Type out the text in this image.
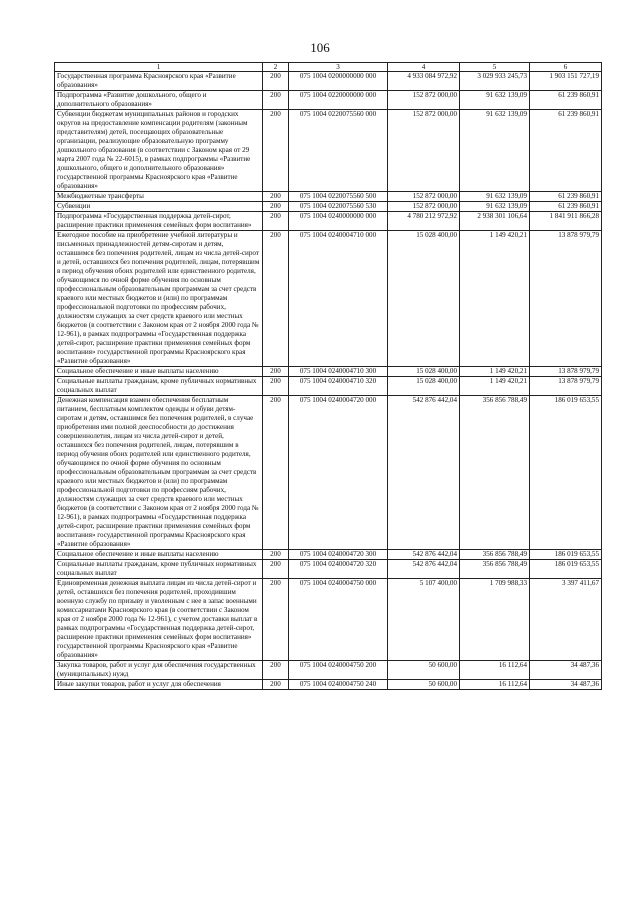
106
1	2	3	4	5	6
Государственная программа Красноярского края «Развитие образования»	200	075 1004 0200000000 000	4 933 084 972,92	3 029 933 245,73	1 903 151 727,19
Подпрограмма «Развитие дошкольного, общего и дополнительного образования»	200	075 1004 0220000000 000	152 872 000,00	91 632 139,09	61 239 860,91
Субвенции бюджетам муниципальных районов и городских округов на предоставление компенсации родителям (законным представителям) детей, посещающих образовательные организации, реализующие образовательную программу дошкольного образования (в соответствии с Законом края от 29 марта 2007 года № 22-6015), в рамках подпрограммы «Развитие дошкольного, общего и дополнительного образования» государственной программы Красноярского края «Развитие образования»	200	075 1004 0220075560 000	152 872 000,00	91 632 139,09	61 239 860,91
Межбюджетные трансферты	200	075 1004 0220075560 500	152 872 000,00	91 632 139,09	61 239 860,91
Субвенции	200	075 1004 0220075560 530	152 872 000,00	91 632 139,09	61 239 860,91
Подпрограмма «Государственная поддержка детей-сирот, расширение практики применения семейных форм воспитания»	200	075 1004 0240000000 000	4 780 212 972,92	2 938 301 106,64	1 841 911 866,28
Ежегодное пособие на приобретение учебной литературы и письменных принадлежностей детям-сиротам и детям, оставшимся без попечения родителей, лицам из числа детей-сирот и детей, оставшихся без попечения родителей, лицам, потерявшим в период обучения обоих родителей или единственного родителя, обучающимся по очной форме обучения по основным профессиональным образовательным программам за счет средств краевого или местных бюджетов и (или) по программам профессиональной подготовки по профессиям рабочих, должностям служащих за счет средств краевого или местных бюджетов (в соответствии с Законом края от 2 ноября 2000 года № 12-961), в рамках подпрограммы «Государственная поддержка детей-сирот, расширение практики применения семейных форм воспитания» государственной программы Красноярского края «Развитие образования»	200	075 1004 0240004710 000	15 028 400,00	1 149 420,21	13 878 979,79
Социальное обеспечение и иные выплаты населению	200	075 1004 0240004710 300	15 028 400,00	1 149 420,21	13 878 979,79
Социальные выплаты гражданам, кроме публичных нормативных социальных выплат	200	075 1004 0240004710 320	15 028 400,00	1 149 420,21	13 878 979,79
Денежная компенсация взамен обеспечения бесплатным питанием, бесплатным комплектом одежды и обуви детям-сиротам и детям, оставшимся без попечения родителей, в случае приобретения ими полной дееспособности до достижения совершеннолетия, лицам из числа детей-сирот и детей, оставшихся без попечения родителей, лицам, потерявшим в период обучения обоих родителей или единственного родителя, обучающимся по очной форме обучения по основным профессиональным образовательным программам за счет средств краевого или местных бюджетов и (или) по программам профессиональной подготовки по профессиям рабочих, должностям служащих за счет средств краевого или местных бюджетов (в соответствии с Законом края от 2 ноября 2000 года № 12-961), в рамках подпрограммы «Государственная поддержка детей-сирот, расширение практики применения семейных форм воспитания» государственной программы Красноярского края «Развитие образования»	200	075 1004 0240004720 000	542 876 442,04	356 856 788,49	186 019 653,55
Социальное обеспечение и иные выплаты населению	200	075 1004 0240004720 300	542 876 442,04	356 856 788,49	186 019 653,55
Социальные выплаты гражданам, кроме публичных нормативных социальных выплат	200	075 1004 0240004720 320	542 876 442,04	356 856 788,49	186 019 653,55
Единовременная денежная выплата лицам из числа детей-сирот и детей, оставшихся без попечения родителей, проходившим военную службу по призыву и уволенным с нее в запас военными комиссариатами Красноярского края (в соответствии с Законом края от 2 ноября 2000 года № 12-961), с учетом доставки выплат в рамках подпрограммы «Государственная поддержка детей-сирот, расширение практики применения семейных форм воспитания» государственной программы Красноярского края «Развитие образования»	200	075 1004 0240004750 000	5 107 400,00	1 709 988,33	3 397 411,67
Закупка товаров, работ и услуг для обеспечения государственных (муниципальных) нужд	200	075 1004 0240004750 200	50 600,00	16 112,64	34 487,36
Иные закупки товаров, работ и услуг для обеспечения	200	075 1004 0240004750 240	50 600,00	16 112,64	34 487,36
